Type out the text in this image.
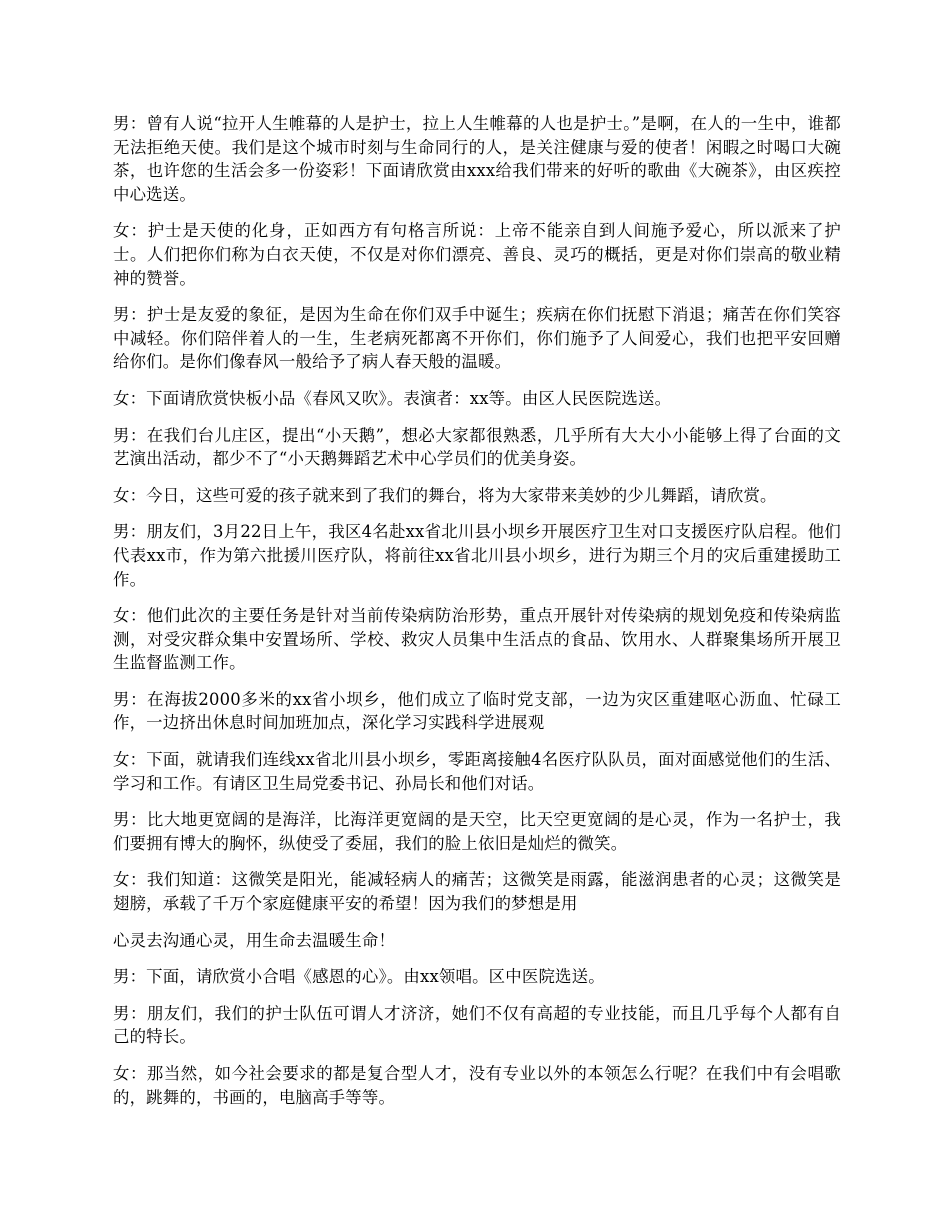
男：曾有人说“拉开人生帷幕的人是护士，拉上人生帷幕的人也是护士。”是啊，在人的一生中，谁都无法拒绝天使。我们是这个城市时刻与生命同行的人，是关注健康与爱的使者！闲暇之时喝口大碗茶，也许您的生活会多一份姿彩！下面请欣赏由xxx给我们带来的好听的歌曲《大碗茶》，由区疾控中心选送。

女：护士是天使的化身，正如西方有句格言所说：上帝不能亲自到人间施予爱心，所以派来了护士。人们把你们称为白衣天使，不仅是对你们漂亮、善良、灵巧的概括，更是对你们崇高的敬业精神的赞誉。

男：护士是友爱的象征，是因为生命在你们双手中诞生；疾病在你们抚慰下消退；痛苦在你们笑容中减轻。你们陪伴着人的一生，生老病死都离不开你们，你们施予了人间爱心，我们也把平安回赠给你们。是你们像春风一般给予了病人春天般的温暖。

女：下面请欣赏快板小品《春风又吹》。表演者：xx等。由区人民医院选送。

男：在我们台儿庄区，提出“小天鹅”，想必大家都很熟悉，几乎所有大大小小能够上得了台面的文艺演出活动，都少不了“小天鹅舞蹈艺术中心学员们的优美身姿。

女：今日，这些可爱的孩子就来到了我们的舞台，将为大家带来美妙的少儿舞蹈，请欣赏。

男：朋友们，3月22日上午，我区4名赴xx省北川县小坝乡开展医疗卫生对口支援医疗队启程。他们代表xx市，作为第六批援川医疗队，将前往xx省北川县小坝乡，进行为期三个月的灾后重建援助工作。

女：他们此次的主要任务是针对当前传染病防治形势，重点开展针对传染病的规划免疫和传染病监测，对受灾群众集中安置场所、学校、救灾人员集中生活点的食品、饮用水、人群聚集场所开展卫生监督监测工作。

男：在海拔2000多米的xx省小坝乡，他们成立了临时党支部，一边为灾区重建呕心沥血、忙碌工作，一边挤出休息时间加班加点，深化学习实践科学进展观

女：下面，就请我们连线xx省北川县小坝乡，零距离接触4名医疗队队员，面对面感觉他们的生活、学习和工作。有请区卫生局党委书记、孙局长和他们对话。

男：比大地更宽阔的是海洋，比海洋更宽阔的是天空，比天空更宽阔的是心灵，作为一名护士，我们要拥有博大的胸怀，纵使受了委屈，我们的脸上依旧是灿烂的微笑。

女：我们知道：这微笑是阳光，能减轻病人的痛苦；这微笑是雨露，能滋润患者的心灵；这微笑是翅膀，承载了千万个家庭健康平安的希望！因为我们的梦想是用

心灵去沟通心灵，用生命去温暖生命！

男：下面，请欣赏小合唱《感恩的心》。由xx领唱。区中医院选送。

男：朋友们，我们的护士队伍可谓人才济济，她们不仅有高超的专业技能，而且几乎每个人都有自己的特长。

女：那当然，如今社会要求的都是复合型人才，没有专业以外的本领怎么行呢？在我们中有会唱歌的，跳舞的，书画的，电脑高手等等。
